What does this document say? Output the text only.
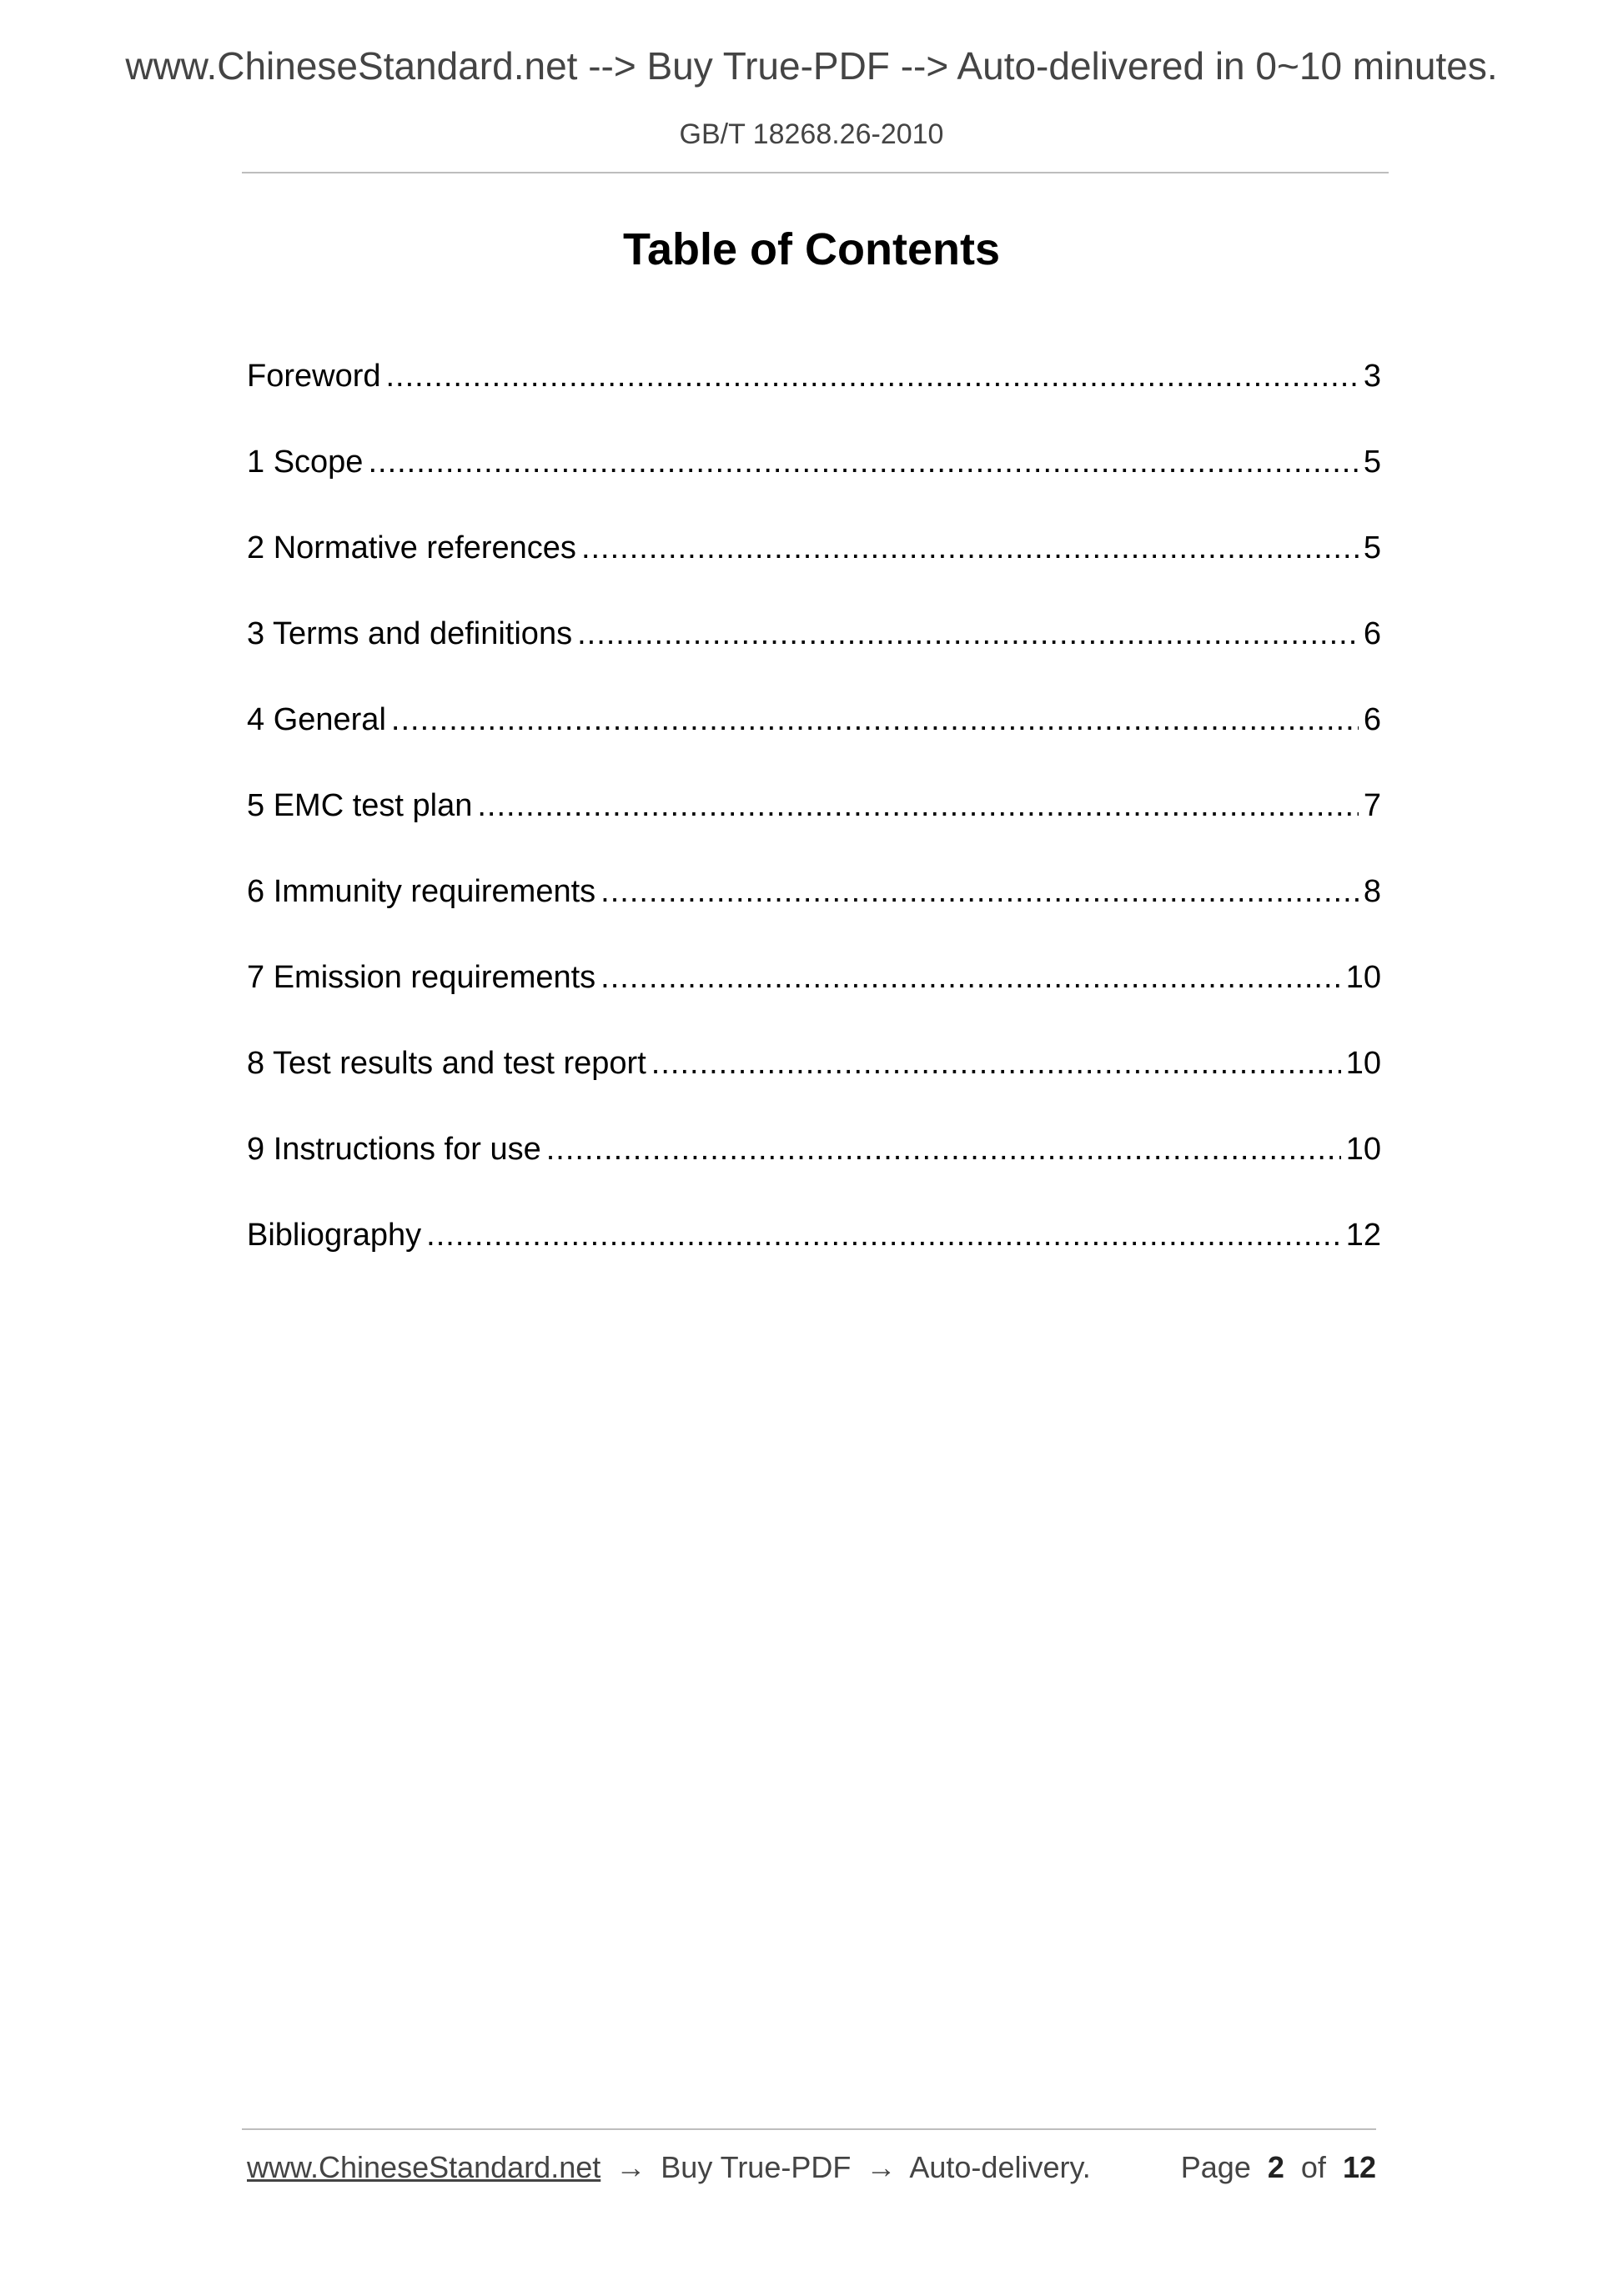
www.ChineseStandard.net --> Buy True-PDF --> Auto-delivered in 0~10 minutes.
GB/T 18268.26-2010
Table of Contents
Foreword .....	3
1 Scope .....	5
2 Normative references .....	5
3 Terms and definitions .....	6
4 General .....	6
5 EMC test plan .....	7
6 Immunity requirements .....	8
7 Emission requirements .....	10
8 Test results and test report .....	10
9 Instructions for use .....	10
Bibliography .....	12
www.ChineseStandard.net → Buy True-PDF → Auto-delivery.	Page 2 of 12
